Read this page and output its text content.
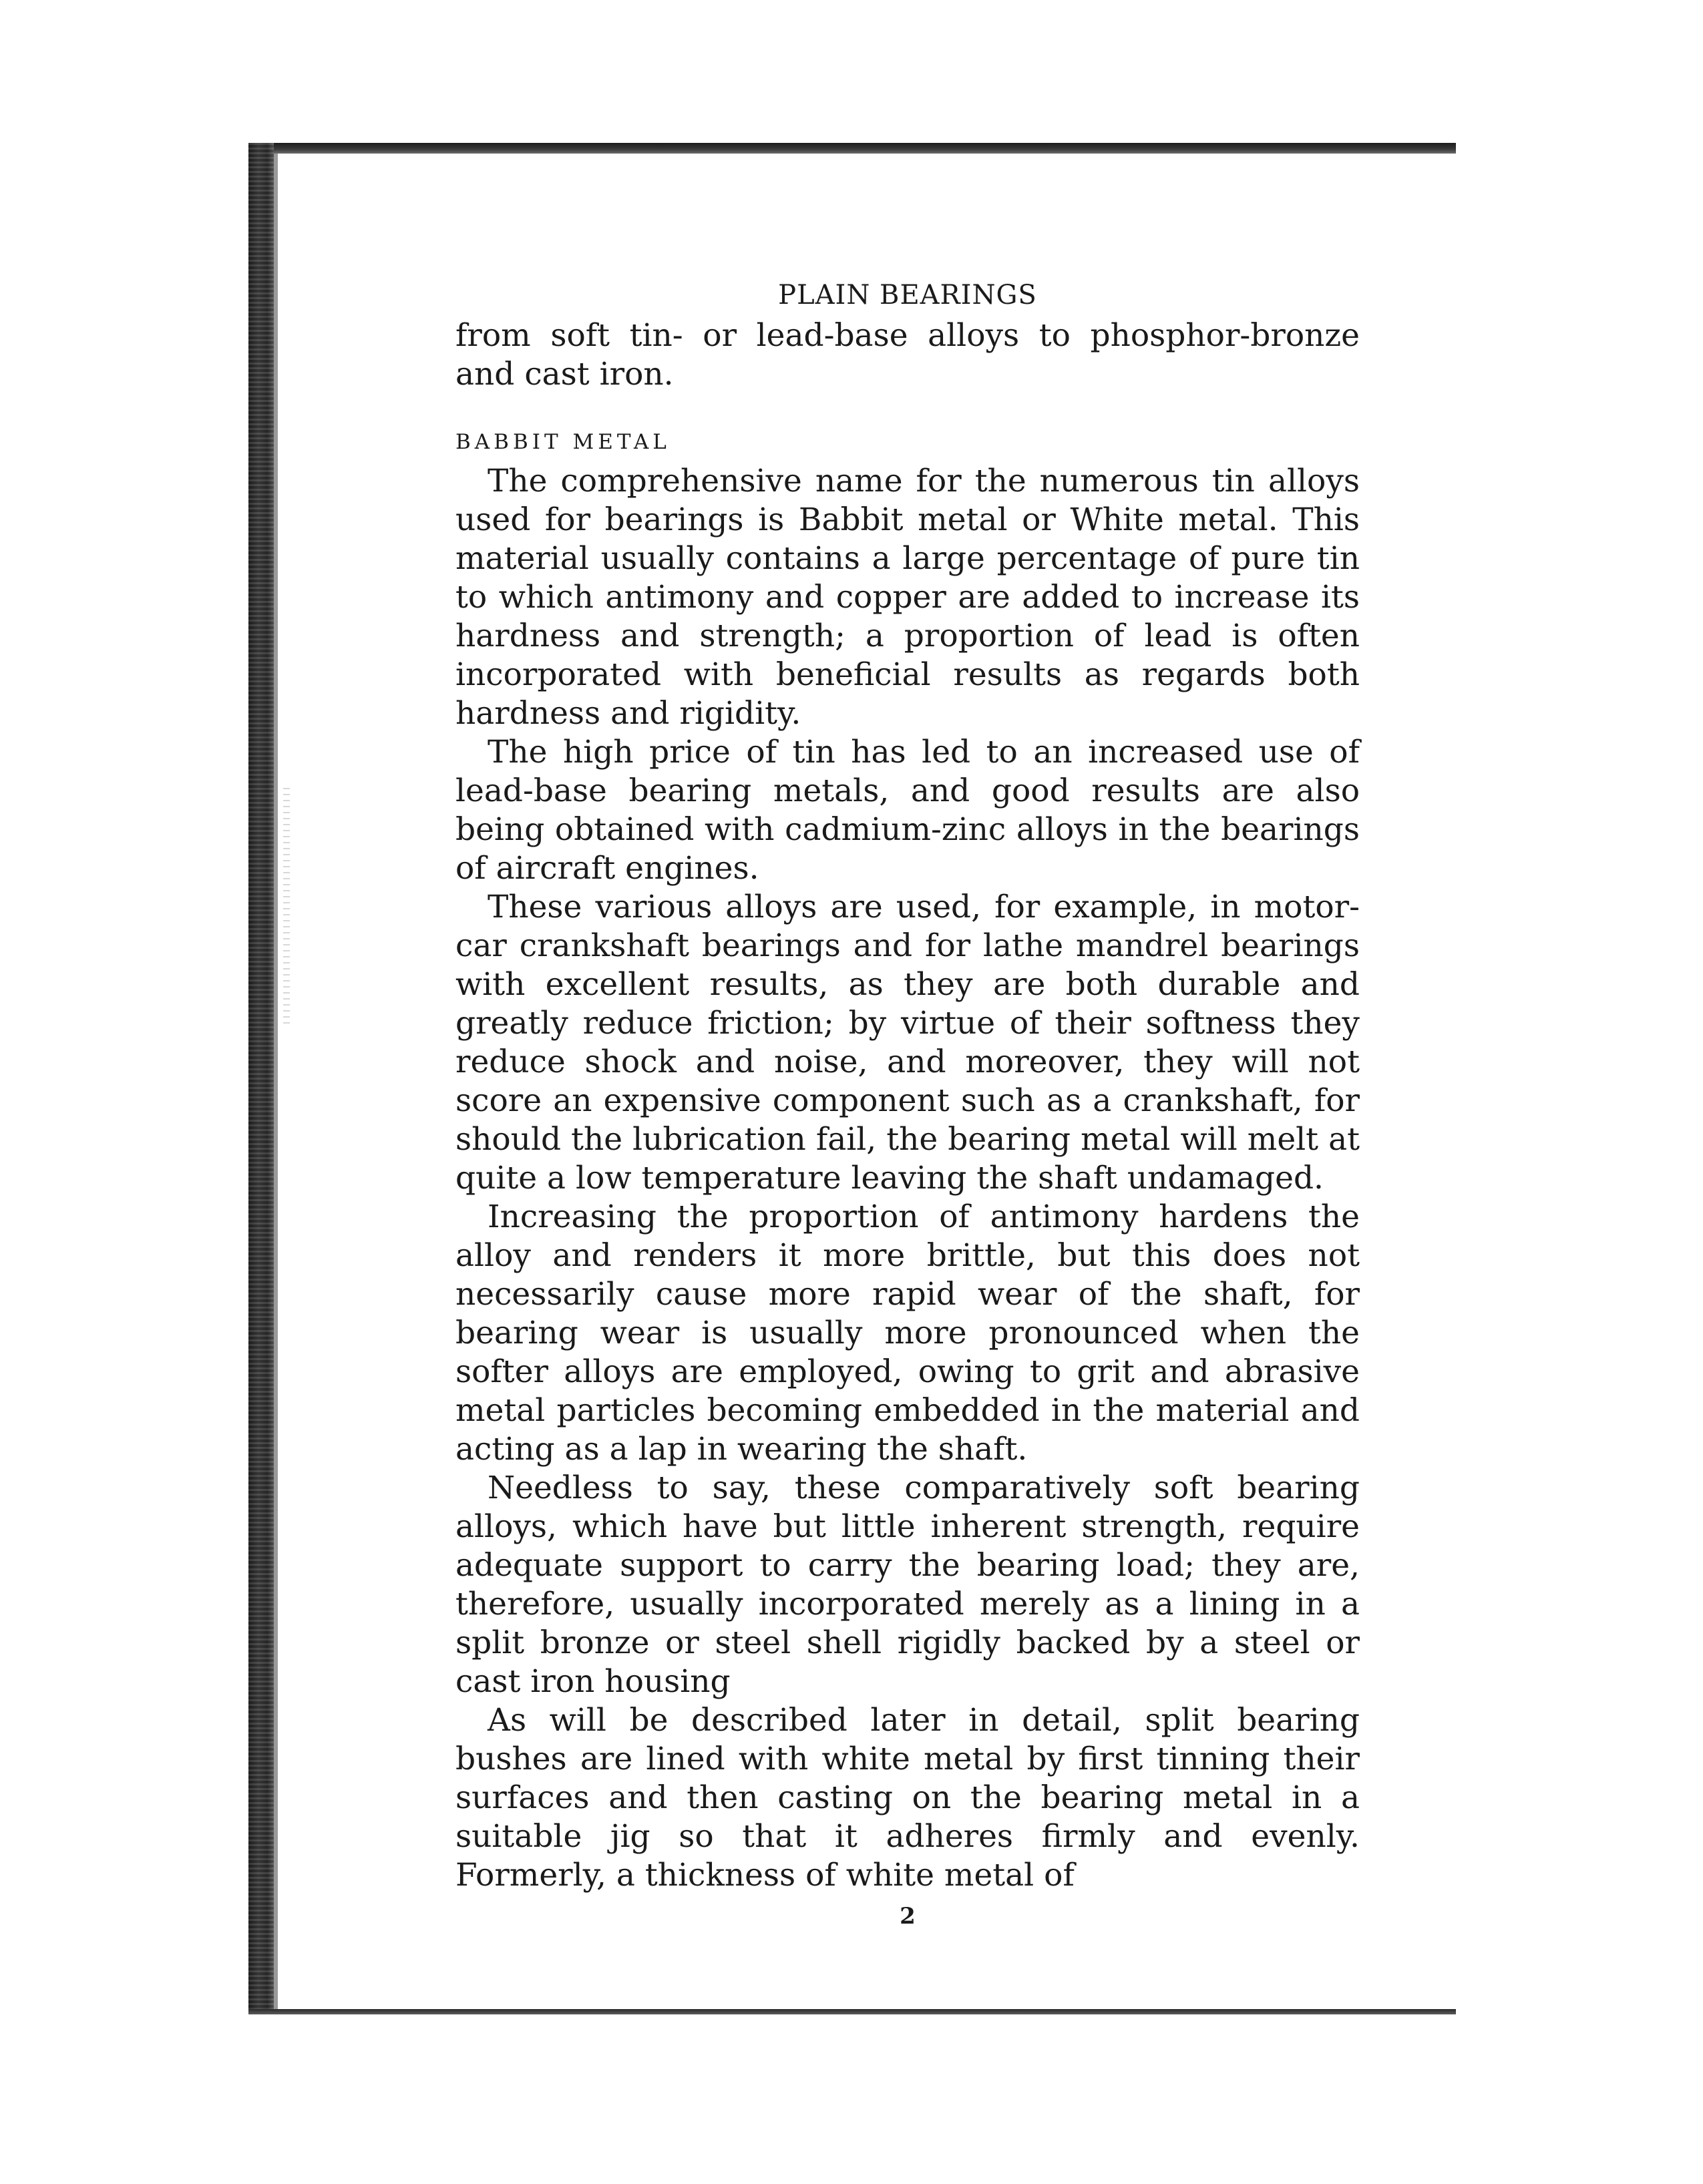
PLAIN BEARINGS

from soft tin- or lead-base alloys to phosphor-bronze and cast iron.

BABBIT METAL

The comprehensive name for the numerous tin alloys used for bearings is Babbit metal or White metal. This material usually contains a large percentage of pure tin to which antimony and copper are added to increase its hardness and strength; a proportion of lead is often incorporated with beneficial results as regards both hardness and rigidity.

The high price of tin has led to an increased use of lead-base bearing metals, and good results are also being obtained with cadmium-zinc alloys in the bearings of aircraft engines.

These various alloys are used, for example, in motor-car crankshaft bearings and for lathe mandrel bearings with excellent results, as they are both durable and greatly reduce friction; by virtue of their softness they reduce shock and noise, and moreover, they will not score an expensive component such as a crankshaft, for should the lubrication fail, the bearing metal will melt at quite a low temperature leaving the shaft undamaged.

Increasing the proportion of antimony hardens the alloy and renders it more brittle, but this does not necessarily cause more rapid wear of the shaft, for bearing wear is usually more pronounced when the softer alloys are employed, owing to grit and abrasive metal particles becoming embedded in the material and acting as a lap in wearing the shaft.

Needless to say, these comparatively soft bearing alloys, which have but little inherent strength, require adequate support to carry the bearing load; they are, therefore, usually incorporated merely as a lining in a split bronze or steel shell rigidly backed by a steel or cast iron housing

As will be described later in detail, split bearing bushes are lined with white metal by first tinning their surfaces and then casting on the bearing metal in a suitable jig so that it adheres firmly and evenly. Formerly, a thickness of white metal of

2
